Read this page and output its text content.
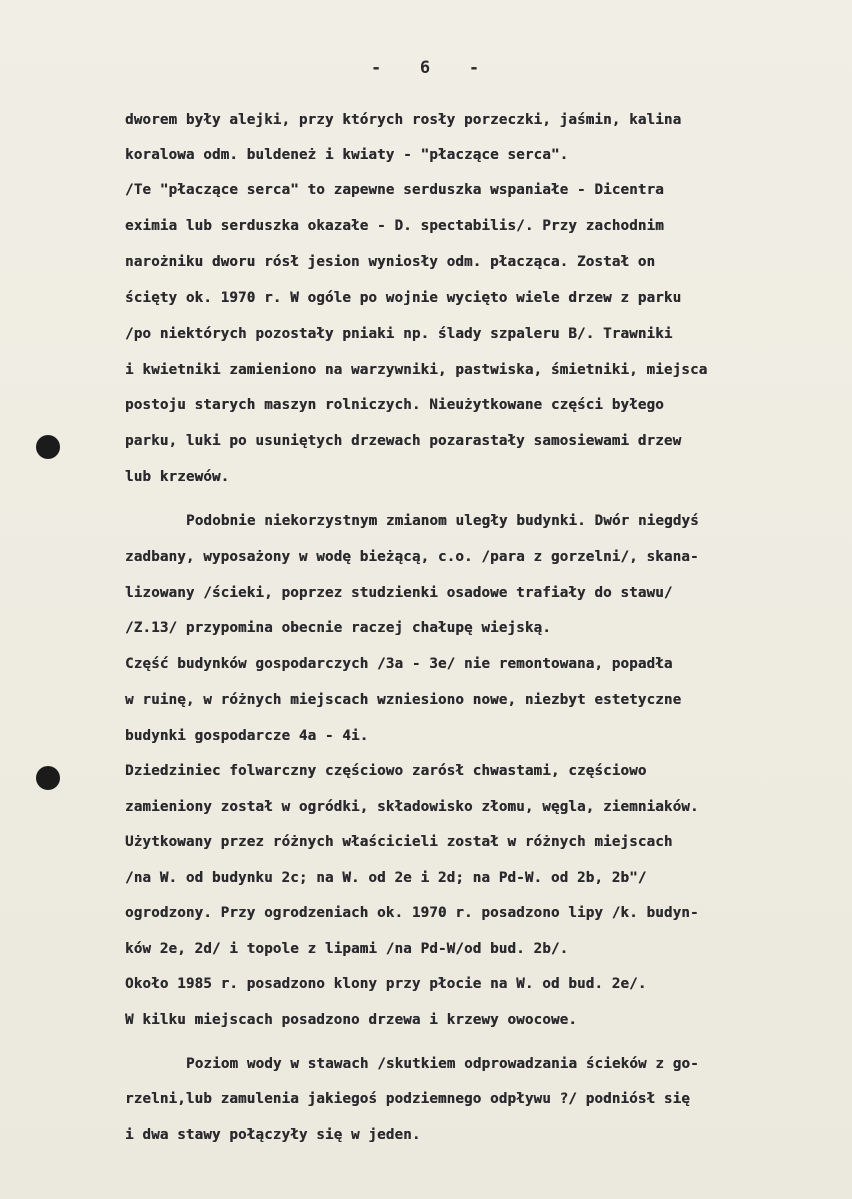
-   6   -
dworem były alejki, przy których rosły porzeczki, jaśmin, kalina
koralowa odm. buldeneż i kwiaty - "płaczące serca".
/Te "płaczące serca" to zapewne serduszka wspaniałe - Dicentra
eximia lub serduszka okazałe - D. spectabilis/. Przy zachodnim
narożniku dworu rósł jesion wyniosły odm. płacząca. Został on
ścięty ok. 1970 r. W ogóle po wojnie wycięto wiele drzew z parku
/po niektórych pozostały pniaki np. ślady szpaleru B/. Trawniki
i kwietniki zamieniono na warzywniki, pastwiska, śmietniki, miejsca
postoju starych maszyn rolniczych. Nieużytkowane części byłego
parku, luki po usuniętych drzewach pozarastały samosiewami drzew
lub krzewów.
Podobnie niekorzystnym zmianom uległy budynki. Dwór niegdyś
zadbany, wyposażony w wodę bieżącą, c.o. /para z gorzelni/, skana-
lizowany /ścieki, poprzez studzienki osadowe trafiały do stawu/
/Z.13/ przypomina obecnie raczej chałupę wiejską.
Część budynków gospodarczych /3a - 3e/ nie remontowana, popadła
w ruinę, w różnych miejscach wzniesiono nowe, niezbyt estetyczne
budynki gospodarcze 4a - 4i.
Dziedziniec folwarczny częściowo zarósł chwastami, częściowo
zamieniony został w ogródki, składowisko złomu, węgla, ziemniaków.
Użytkowany przez różnych właścicieli został w różnych miejscach
/na W. od budynku 2c; na W. od 2e i 2d; na Pd-W. od 2b, 2b"/
ogrodzony. Przy ogrodzeniach ok. 1970 r. posadzono lipy /k. budyn-
ków 2e, 2d/ i topole z lipami /na Pd-W/od bud. 2b/.
Około 1985 r. posadzono klony przy płocie na W. od bud. 2e/.
W kilku miejscach posadzono drzewa i krzewy owocowe.
Poziom wody w stawach /skutkiem odprowadzania ścieków z go-
rzelni,lub zamulenia jakiegoś podziemnego odpływu ?/ podniósł się
i dwa stawy połączyły się w jeden.
